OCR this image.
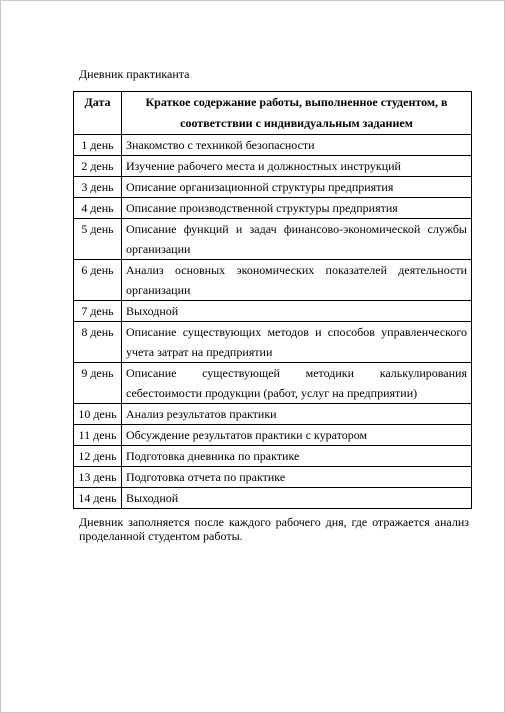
Дневник практиканта
Дата	Краткое содержание работы, выполненное студентом, в соответствии с индивидуальным заданием
1 день	Знакомство с техникой безопасности
2 день	Изучение рабочего места и должностных инструкций
3 день	Описание организационной структуры предприятия
4 день	Описание производственной структуры предприятия
5 день	Описание функций и задач финансово-экономической службы организации
6 день	Анализ основных экономических показателей деятельности организации
7 день	Выходной
8 день	Описание существующих методов и способов управленческого учета затрат на предприятии
9 день	Описание существующей методики калькулирования себестоимости продукции (работ, услуг на предприятии)
10 день	Анализ результатов практики
11 день	Обсуждение результатов практики с куратором
12 день	Подготовка дневника по практике
13 день	Подготовка отчета по практике
14 день	Выходной
Дневник заполняется после каждого рабочего дня, где отражается анализ проделанной студентом работы.
